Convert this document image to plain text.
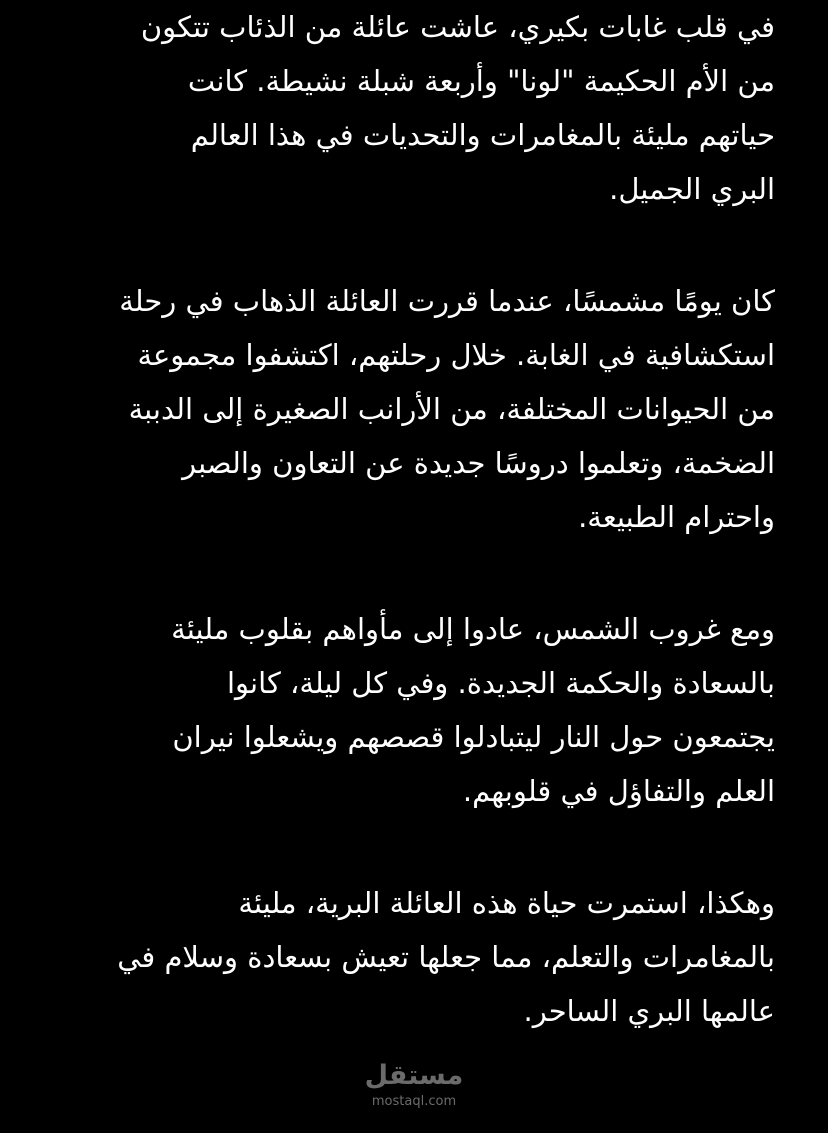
في قلب غابات بكيري، عاشت عائلة من الذئاب تتكون
من الأم الحكيمة "لونا" وأربعة شبلة نشيطة. كانت
حياتهم مليئة بالمغامرات والتحديات في هذا العالم
البري الجميل.
كان يومًا مشمسًا، عندما قررت العائلة الذهاب في رحلة
استكشافية في الغابة. خلال رحلتهم، اكتشفوا مجموعة
من الحيوانات المختلفة، من الأرانب الصغيرة إلى الدببة
الضخمة، وتعلموا دروسًا جديدة عن التعاون والصبر
واحترام الطبيعة.
ومع غروب الشمس، عادوا إلى مأواهم بقلوب مليئة
بالسعادة والحكمة الجديدة. وفي كل ليلة، كانوا
يجتمعون حول النار ليتبادلوا قصصهم ويشعلوا نيران
العلم والتفاؤل في قلوبهم.
وهكذا، استمرت حياة هذه العائلة البرية، مليئة
بالمغامرات والتعلم، مما جعلها تعيش بسعادة وسلام في
عالمها البري الساحر.
مستقل
mostaql.com
